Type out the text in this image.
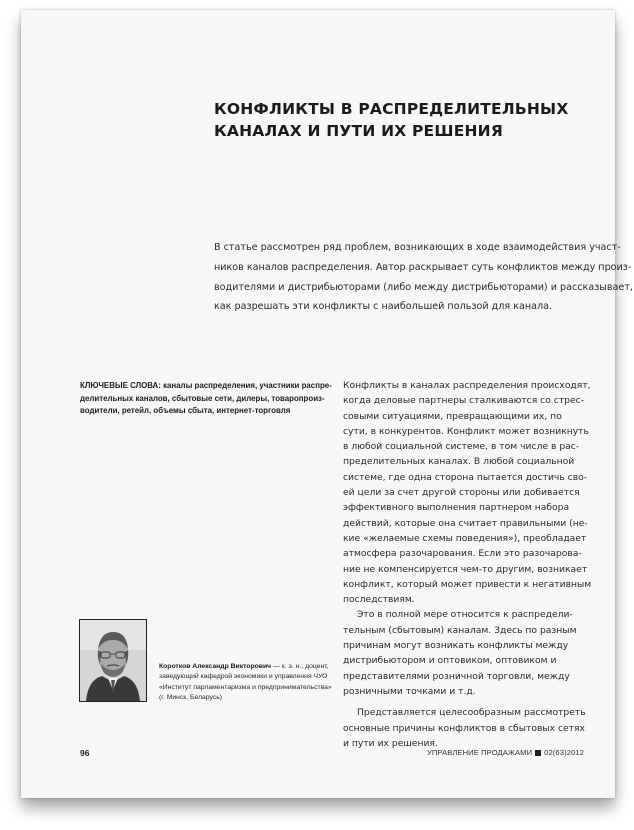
КОНФЛИКТЫ В РАСПРЕДЕЛИТЕЛЬНЫХ
КАНАЛАХ И ПУТИ ИХ РЕШЕНИЯ
В статье рассмотрен ряд проблем, возникающих в ходе взаимодействия участ-
ников каналов распределения. Автор раскрывает суть конфликтов между произ-
водителями и дистрибьюторами (либо между дистрибьюторами) и рассказывает,
как разрешать эти конфликты с наибольшей пользой для канала.
КЛЮЧЕВЫЕ СЛОВА: каналы распределения, участники распре-
делительных каналов, сбытовые сети, дилеры, товаропроиз-
водители, ретейл, объемы сбыта, интернет-торговля
Конфликты в каналах распределения происходят,
когда деловые партнеры сталкиваются со стрес-
совыми ситуациями, превращающими их, по
сути, в конкурентов. Конфликт может возникнуть
в любой социальной системе, в том числе в рас-
пределительных каналах. В любой социальной
системе, где одна сторона пытается достичь сво-
ей цели за счет другой стороны или добивается
эффективного выполнения партнером набора
действий, которые она считает правильными (не-
кие «желаемые схемы поведения»), преобладает
атмосфера разочарования. Если это разочарова-
ние не компенсируется чем-то другим, возникает
конфликт, который может привести к негативным
последствиям.
Это в полной мере относится к распредели-
тельным (сбытовым) каналам. Здесь по разным
причинам могут возникать конфликты между
дистрибьютором и оптовиком, оптовиком и
представителями розничной торговли, между
розничными точками и т.д.
Представляется целесообразным рассмотреть
основные причины конфликтов в сбытовых сетях
и пути их решения.
Коротков Александр Викторович — к. э. н., доцент,
заведующий кафедрой экономики и управления ЧУО
«Институт парламентаризма и предпринимательства»
(г. Минск, Беларусь)
96	УПРАВЛЕНИЕ ПРОДАЖАМИ 02(63)2012
